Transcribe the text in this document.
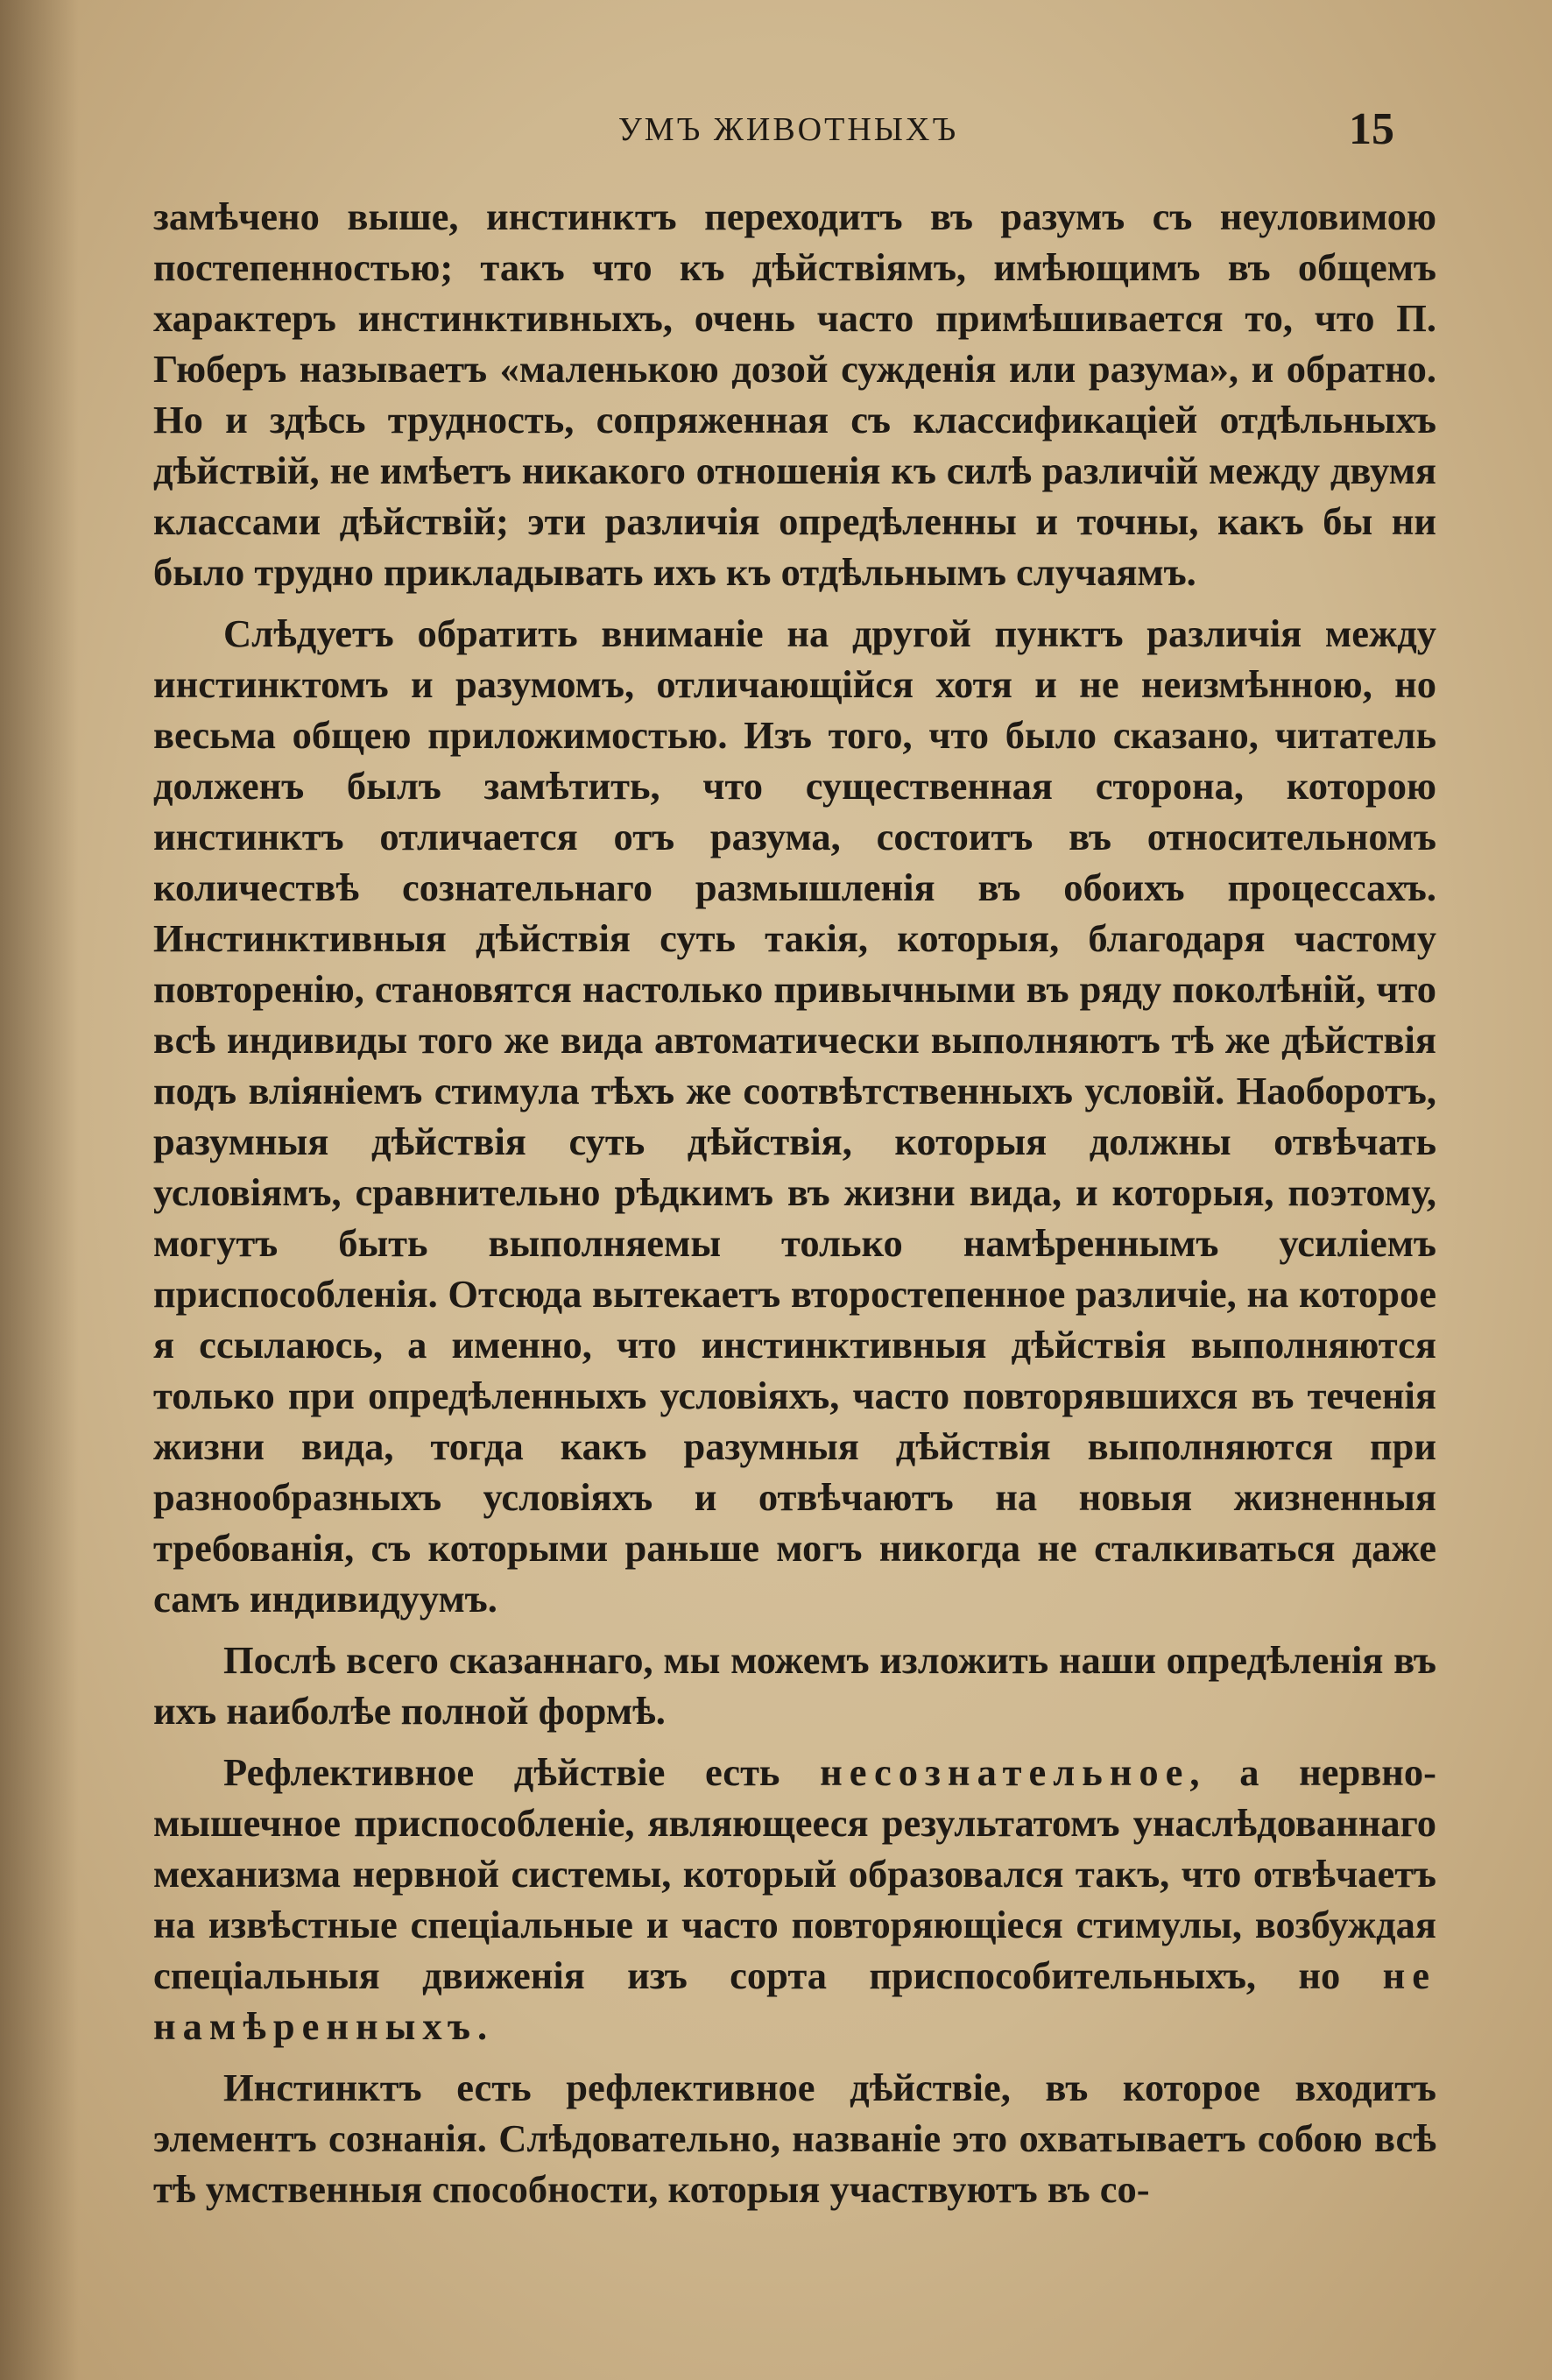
УМЪ ЖИВОТНЫХЪ	15

замѣчено выше, инстинктъ переходитъ въ разумъ съ неуловимою постепенностью; такъ что къ дѣйствіямъ, имѣющимъ въ общемъ характеръ инстинктивныхъ, очень часто примѣшивается то, что П. Гюберъ называетъ «маленькою дозой сужденія или разума», и обратно. Но и здѣсь трудность, сопряженная съ классификаціей отдѣльныхъ дѣйствій, не имѣетъ никакого отношенія къ силѣ различій между двумя классами дѣйствій; эти различія опредѣленны и точны, какъ бы ни было трудно прикладывать ихъ къ отдѣльнымъ случаямъ.

Слѣдуетъ обратить вниманіе на другой пунктъ различія между инстинктомъ и разумомъ, отличающійся хотя и не неизмѣнною, но весьма общею приложимостью. Изъ того, что было сказано, читатель долженъ былъ замѣтить, что существенная сторона, которою инстинктъ отличается отъ разума, состоитъ въ относительномъ количествѣ сознательнаго размышленія въ обоихъ процессахъ. Инстинктивныя дѣйствія суть такія, которыя, благодаря частому повторенію, становятся настолько привычными въ ряду поколѣній, что всѣ индивиды того же вида автоматически выполняютъ тѣ же дѣйствія подъ вліяніемъ стимула тѣхъ же соотвѣтственныхъ условій. Наоборотъ, разумныя дѣйствія суть дѣйствія, которыя должны отвѣчать условіямъ, сравнительно рѣдкимъ въ жизни вида, и которыя, поэтому, могутъ быть выполняемы только намѣреннымъ усиліемъ приспособленія. Отсюда вытекаетъ второстепенное различіе, на которое я ссылаюсь, а именно, что инстинктивныя дѣйствія выполняются только при опредѣленныхъ условіяхъ, часто повторявшихся въ теченія жизни вида, тогда какъ разумныя дѣйствія выполняются при разнообразныхъ условіяхъ и отвѣчаютъ на новыя жизненныя требованія, съ которыми раньше могъ никогда не сталкиваться даже самъ индивидуумъ.

Послѣ всего сказаннаго, мы можемъ изложить наши опредѣленія въ ихъ наиболѣе полной формѣ.

Рефлективное дѣйствіе есть несознательное, а нервно-мышечное приспособленіе, являющееся результатомъ унаслѣдованнаго механизма нервной системы, который образовался такъ, что отвѣчаетъ на извѣстные спеціальные и часто повторяющіеся стимулы, возбуждая спеціальныя движенія изъ сорта приспособительныхъ, но не намѣренныхъ.

Инстинктъ есть рефлективное дѣйствіе, въ которое входитъ элементъ сознанія. Слѣдовательно, названіе это охватываетъ собою всѣ тѣ умственныя способности, которыя участвуютъ въ со-
